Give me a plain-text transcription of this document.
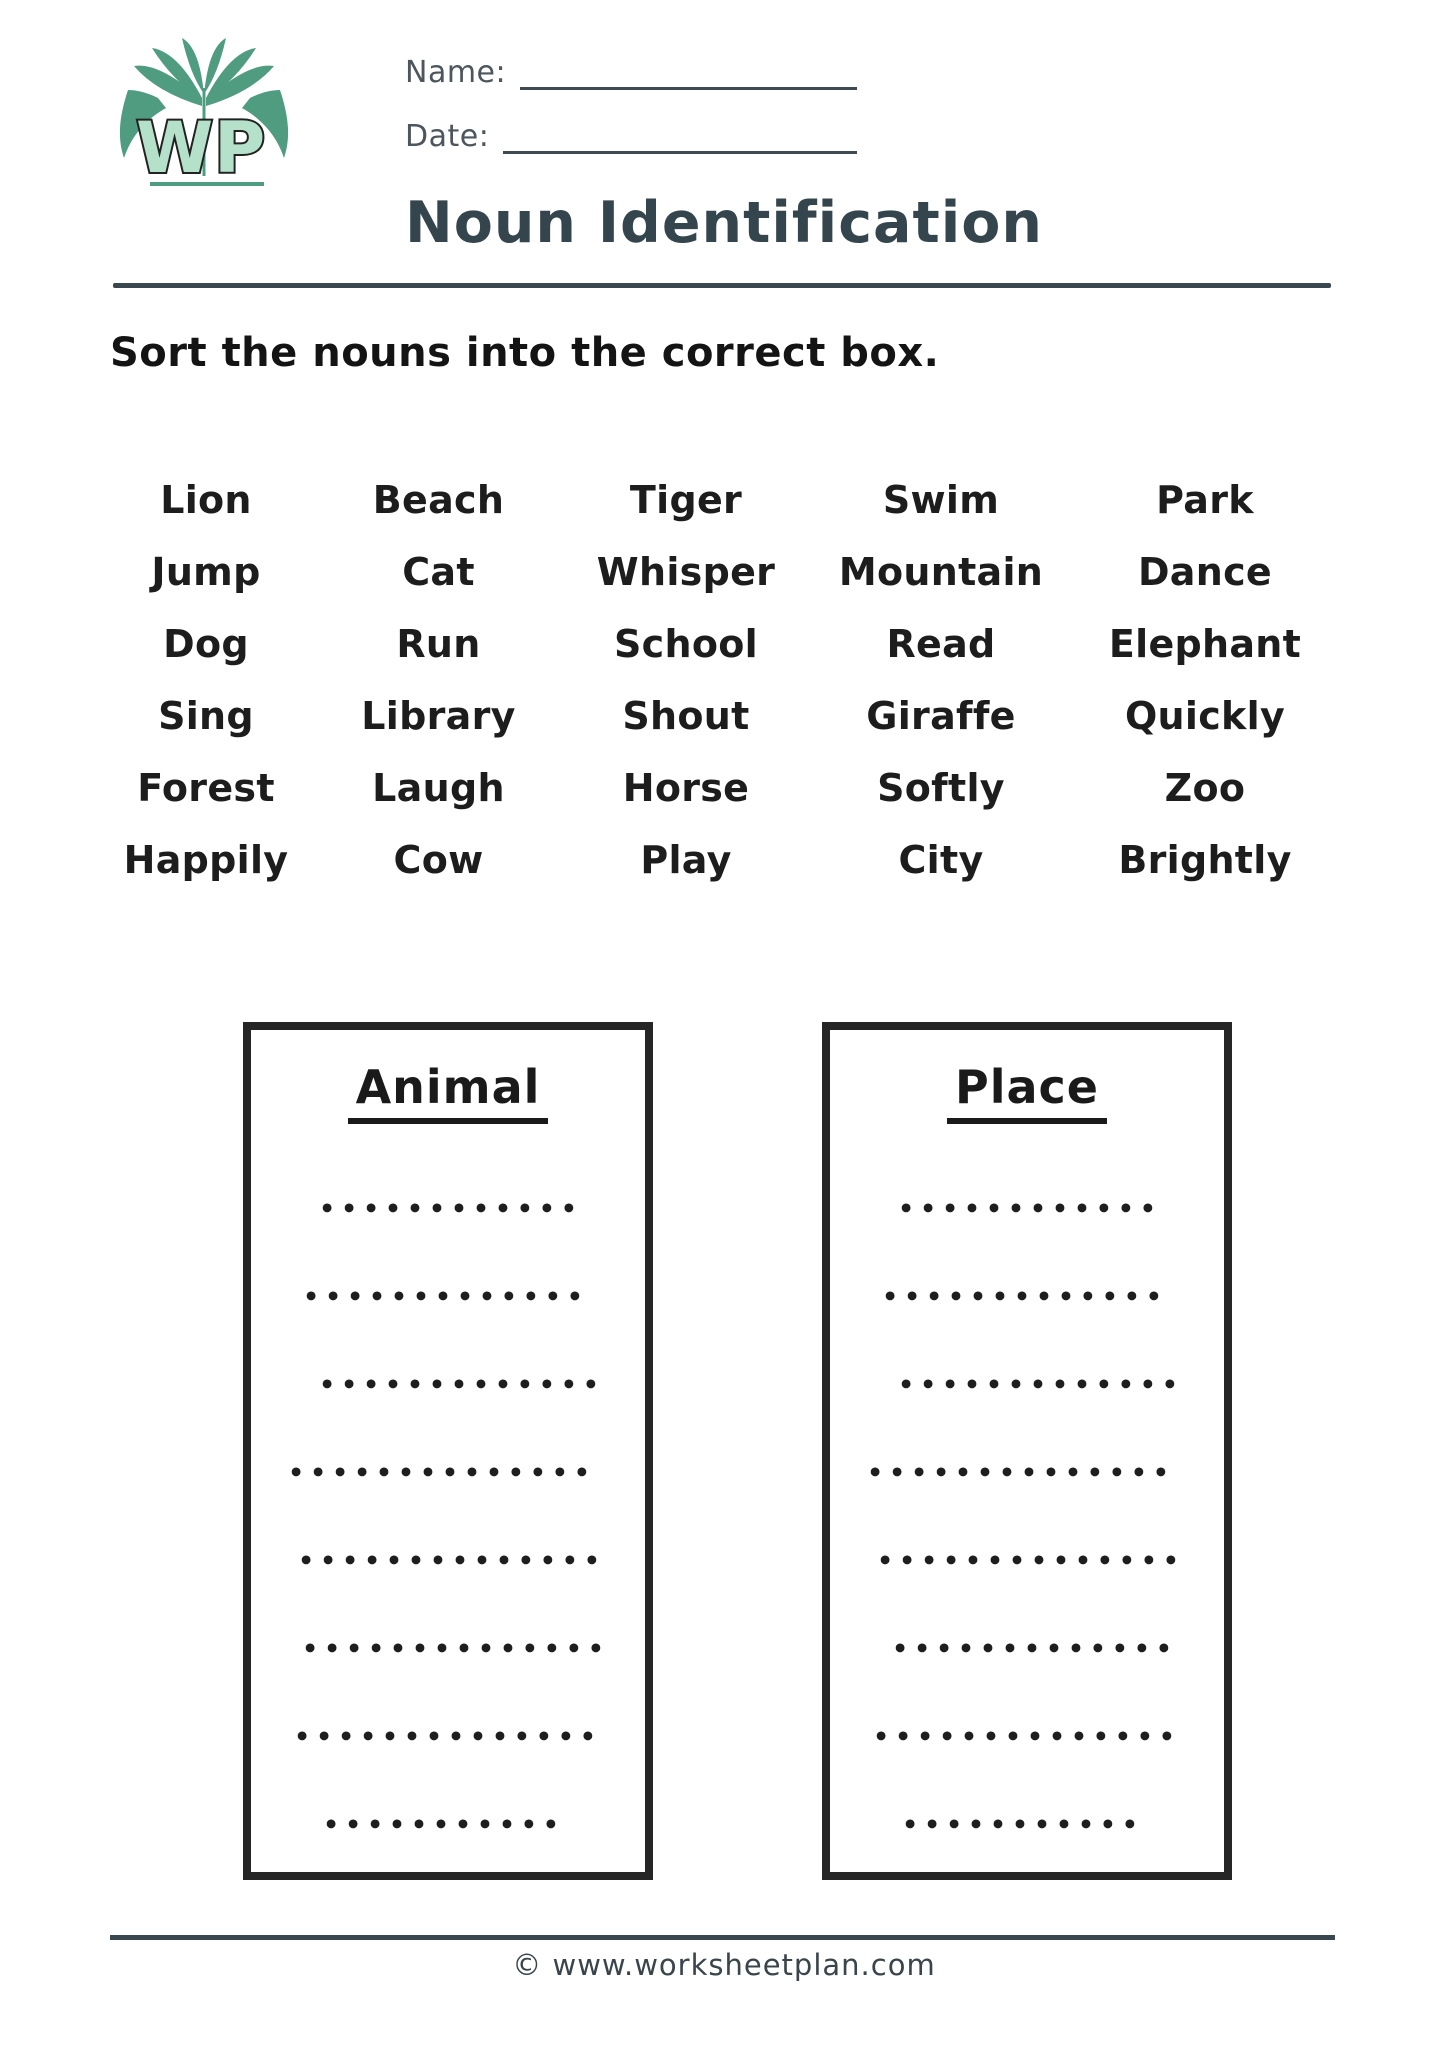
W P
Name:
Date:
Noun Identification
Sort the nouns into the correct box.
Lion	Beach	Tiger	Swim	Park
Jump	Cat	Whisper	Mountain	Dance
Dog	Run	School	Read	Elephant
Sing	Library	Shout	Giraffe	Quickly
Forest	Laugh	Horse	Softly	Zoo
Happily	Cow	Play	City	Brightly
Animal
••••••••••••
•••••••••••••
•••••••••••••
••••••••••••••
••••••••••••••
••••••••••••••
••••••••••••••
•••••••••••
Place
••••••••••••
•••••••••••••
•••••••••••••
••••••••••••••
••••••••••••••
•••••••••••••
••••••••••••••
•••••••••••
© www.worksheetplan.com
